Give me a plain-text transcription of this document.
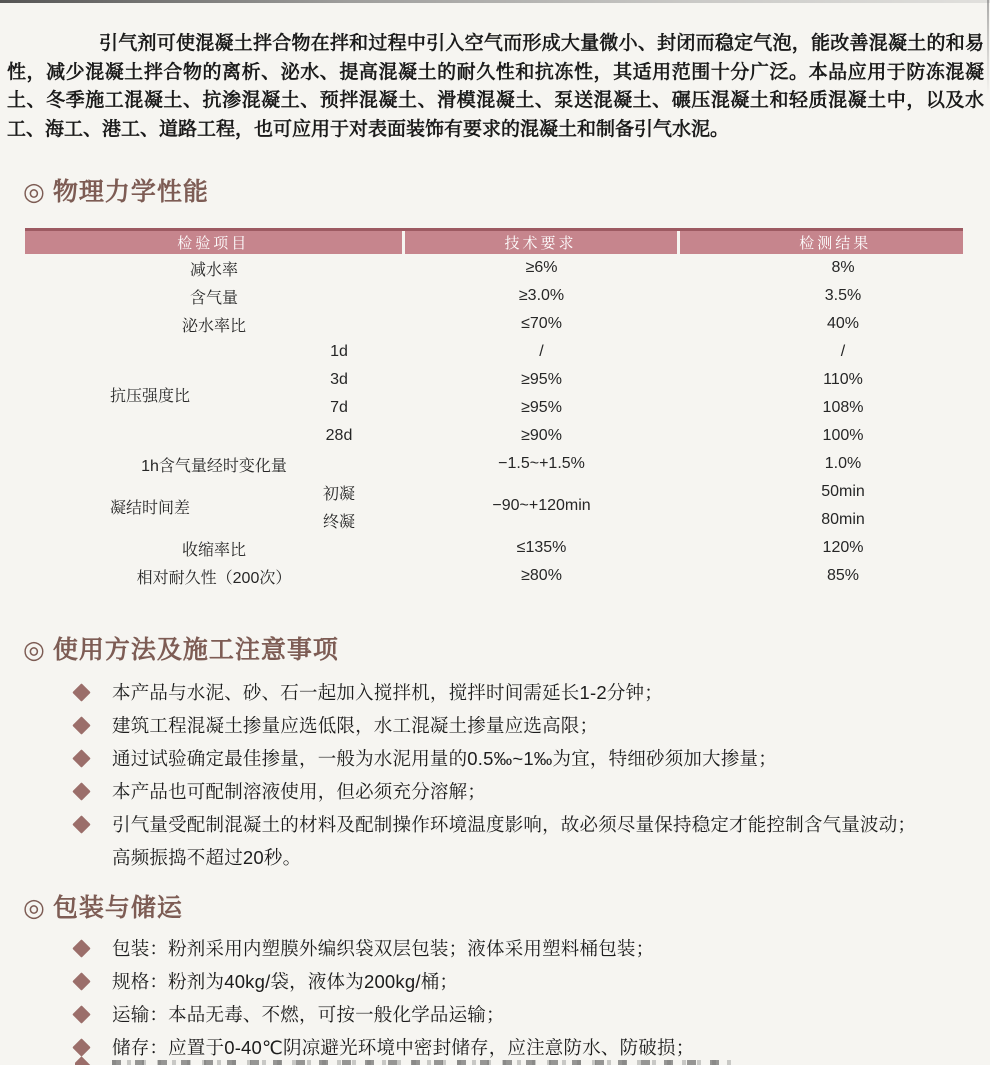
引气剂可使混凝土拌合物在拌和过程中引入空气而形成大量微小、封闭而稳定气泡，能改善混凝土的和易性，减少混凝土拌合物的离析、泌水、提高混凝土的耐久性和抗冻性，其适用范围十分广泛。本品应用于防冻混凝土、冬季施工混凝土、抗渗混凝土、预拌混凝土、滑模混凝土、泵送混凝土、碾压混凝土和轻质混凝土中，以及水工、海工、港工、道路工程，也可应用于对表面装饰有要求的混凝土和制备引气水泥。

◎ 物理力学性能
检验项目		技术要求	检测结果
减水率		≥6%	8%
含气量		≥3.0%	3.5%
泌水率比		≤70%	40%
抗压强度比	1d	/	/
	3d	≥95%	110%
	7d	≥95%	108%
	28d	≥90%	100%
1h含气量经时变化量		−1.5~+1.5%	1.0%
凝结时间差	初凝	−90~+120min	50min
	终凝		80min
收缩率比		≤135%	120%
相对耐久性（200次）		≥80%	85%
◎ 使用方法及施工注意事项
本产品与水泥、砂、石一起加入搅拌机，搅拌时间需延长1-2分钟；
建筑工程混凝土掺量应选低限，水工混凝土掺量应选高限；
通过试验确定最佳掺量，一般为水泥用量的0.5‰~1‰为宜，特细砂须加大掺量；
本产品也可配制溶液使用，但必须充分溶解；
引气量受配制混凝土的材料及配制操作环境温度影响，故必须尽量保持稳定才能控制含气量波动；
高频振捣不超过20秒。
◎ 包装与储运
包装：粉剂采用内塑膜外编织袋双层包装；液体采用塑料桶包装；
规格：粉剂为40kg/袋，液体为200kg/桶；
运输：本品无毒、不燃，可按一般化学品运输；
储存：应置于0-40℃阴凉避光环境中密封储存，应注意防水、防破损；
